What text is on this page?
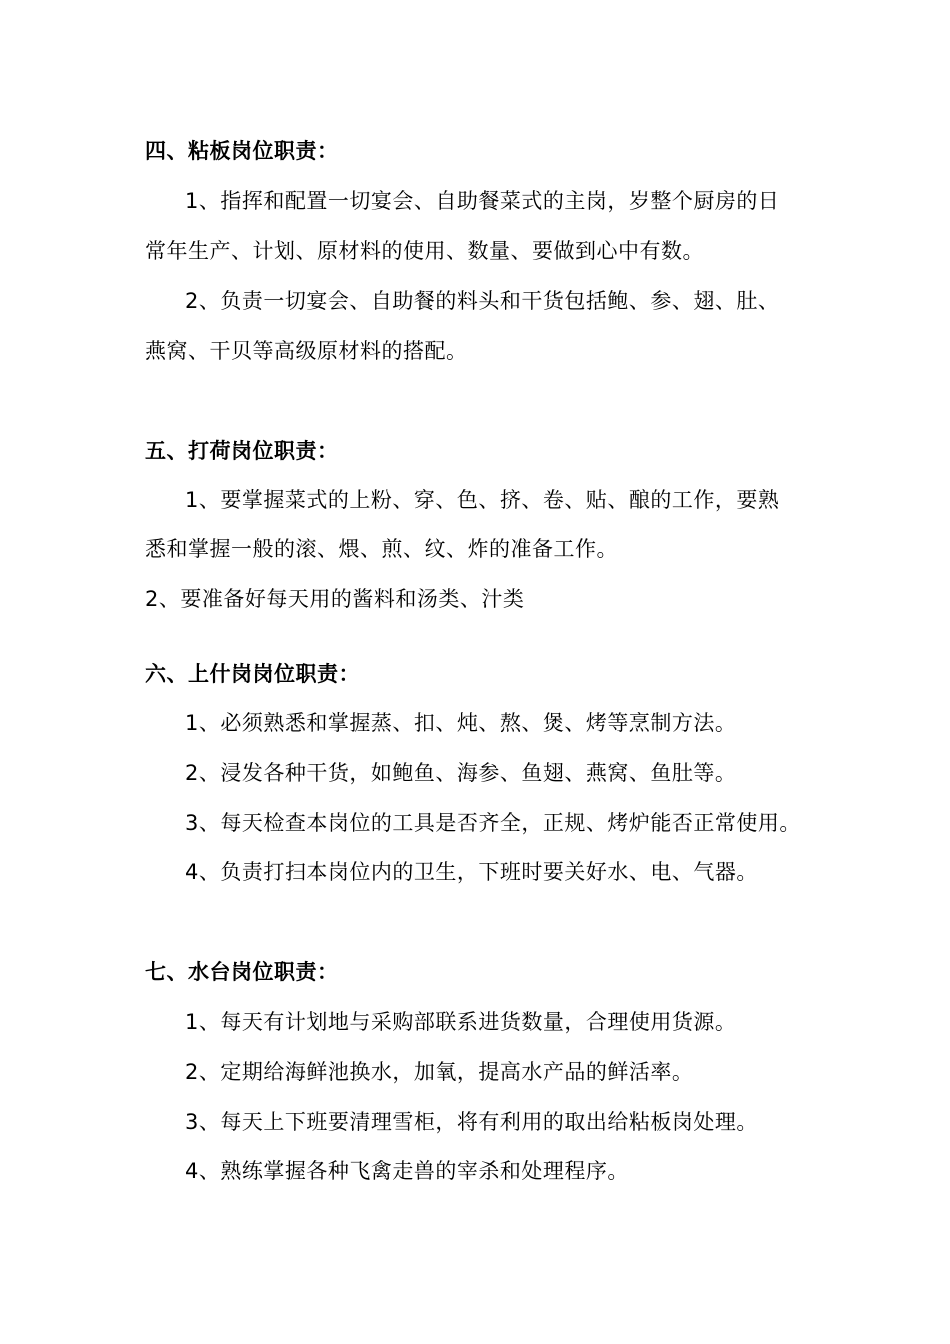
四、粘板岗位职责：
1、指挥和配置一切宴会、自助餐菜式的主岗，岁整个厨房的日
常年生产、计划、原材料的使用、数量、要做到心中有数。
2、负责一切宴会、自助餐的料头和干货包括鲍、参、翅、肚、
燕窝、干贝等高级原材料的搭配。
五、打荷岗位职责：
1、要掌握菜式的上粉、穿、色、挤、卷、贴、酿的工作，要熟
悉和掌握一般的滚、煨、煎、纹、炸的准备工作。
2、要准备好每天用的酱料和汤类、汁类
六、上什岗岗位职责：
1、必须熟悉和掌握蒸、扣、炖、熬、煲、烤等烹制方法。
2、浸发各种干货，如鲍鱼、海参、鱼翅、燕窝、鱼肚等。
3、每天检查本岗位的工具是否齐全，正规、烤炉能否正常使用。
4、负责打扫本岗位内的卫生，下班时要关好水、电、气器。
七、水台岗位职责：
1、每天有计划地与采购部联系进货数量，合理使用货源。
2、定期给海鲜池换水，加氧，提高水产品的鲜活率。
3、每天上下班要清理雪柜，将有利用的取出给粘板岗处理。
4、熟练掌握各种飞禽走兽的宰杀和处理程序。
